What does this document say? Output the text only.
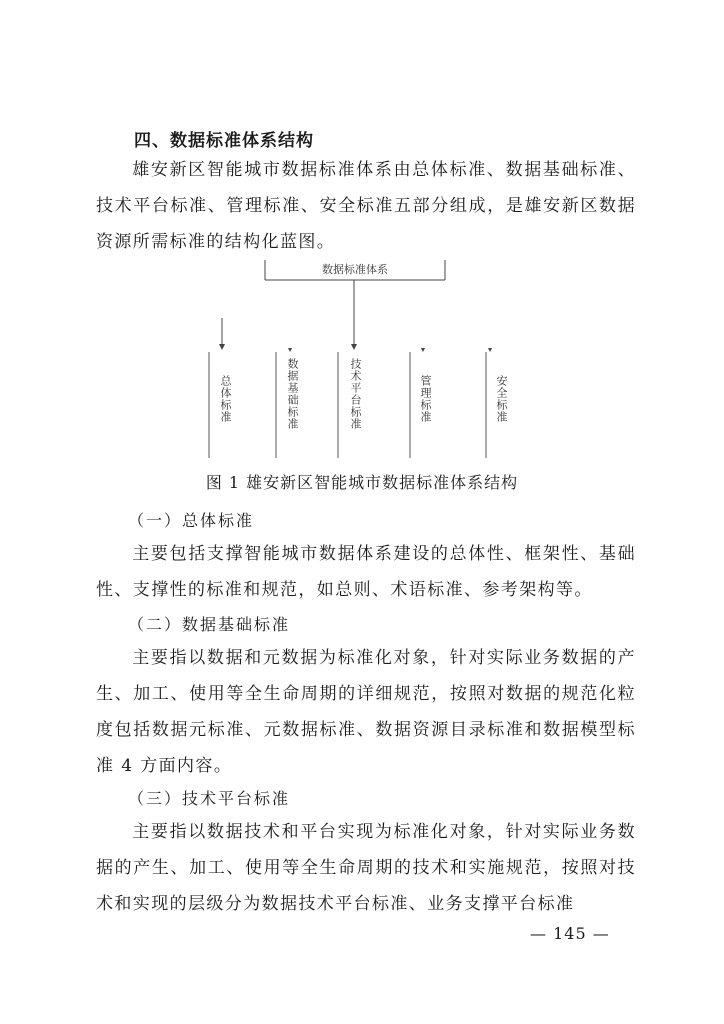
四、数据标准体系结构
雄安新区智能城市数据标准体系由总体标准、数据基础标准、技术平台标准、管理标准、安全标准五部分组成，是雄安新区数据资源所需标准的结构化蓝图。
数据标准体系
总体标准	数据基础标准	技术平台标准	管理标准	安全标准
图 1 雄安新区智能城市数据标准体系结构
（一）总体标准
主要包括支撑智能城市数据体系建设的总体性、框架性、基础性、支撑性的标准和规范，如总则、术语标准、参考架构等。
（二）数据基础标准
主要指以数据和元数据为标准化对象，针对实际业务数据的产生、加工、使用等全生命周期的详细规范，按照对数据的规范化粒度包括数据元标准、元数据标准、数据资源目录标准和数据模型标准 4 方面内容。
（三）技术平台标准
主要指以数据技术和平台实现为标准化对象，针对实际业务数据的产生、加工、使用等全生命周期的技术和实施规范，按照对技术和实现的层级分为数据技术平台标准、业务支撑平台标准
— 145 —
